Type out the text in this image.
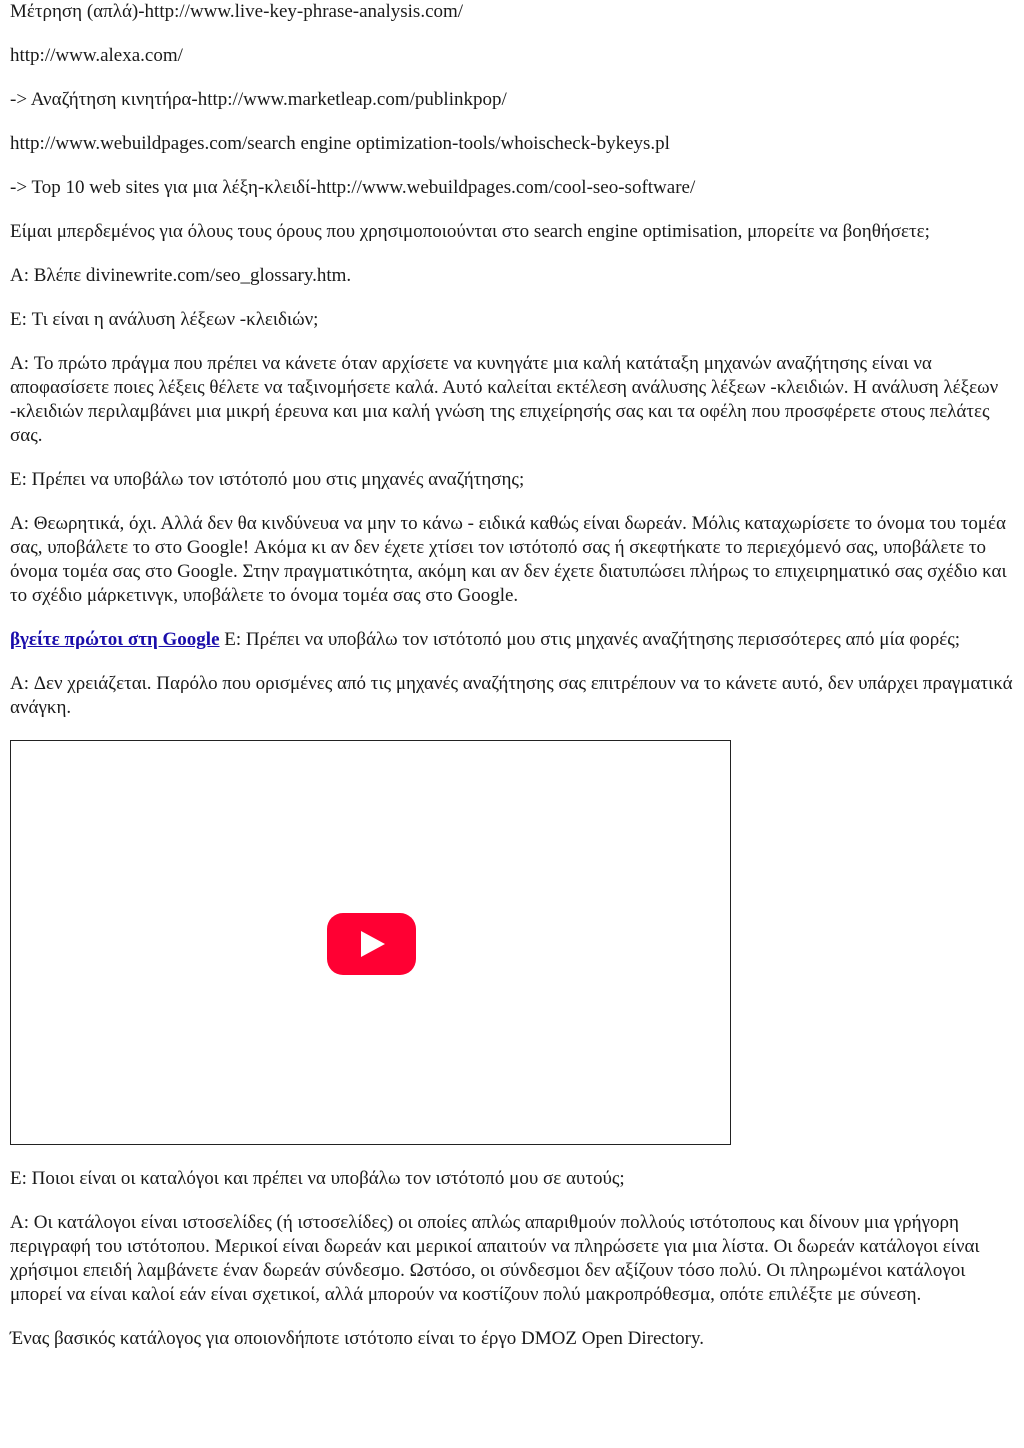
Μέτρηση (απλά)-http://www.live-key-phrase-analysis.com/

http://www.alexa.com/

-> Αναζήτηση κινητήρα-http://www.marketleap.com/publinkpop/

http://www.webuildpages.com/search engine optimization-tools/whoischeck-bykeys.pl

-> Top 10 web sites για μια λέξη-κλειδί-http://www.webuildpages.com/cool-seo-software/

Είμαι μπερδεμένος για όλους τους όρους που χρησιμοποιούνται στο search engine optimisation, μπορείτε να βοηθήσετε;

A: Βλέπε divinewrite.com/seo_glossary.htm.

E: Τι είναι η ανάλυση λέξεων -κλειδιών;

A: Το πρώτο πράγμα που πρέπει να κάνετε όταν αρχίσετε να κυνηγάτε μια καλή κατάταξη μηχανών αναζήτησης είναι να αποφασίσετε ποιες λέξεις θέλετε να ταξινομήσετε καλά. Αυτό καλείται εκτέλεση ανάλυσης λέξεων -κλειδιών. Η ανάλυση λέξεων -κλειδιών περιλαμβάνει μια μικρή έρευνα και μια καλή γνώση της επιχείρησής σας και τα οφέλη που προσφέρετε στους πελάτες σας.

E: Πρέπει να υποβάλω τον ιστότοπό μου στις μηχανές αναζήτησης;

A: Θεωρητικά, όχι. Αλλά δεν θα κινδύνευα να μην το κάνω - ειδικά καθώς είναι δωρεάν. Μόλις καταχωρίσετε το όνομα του τομέα σας, υποβάλετε το στο Google! Ακόμα κι αν δεν έχετε χτίσει τον ιστότοπό σας ή σκεφτήκατε το περιεχόμενό σας, υποβάλετε το όνομα τομέα σας στο Google. Στην πραγματικότητα, ακόμη και αν δεν έχετε διατυπώσει πλήρως το επιχειρηματικό σας σχέδιο και το σχέδιο μάρκετινγκ, υποβάλετε το όνομα τομέα σας στο Google.

βγείτε πρώτοι στη Google E: Πρέπει να υποβάλω τον ιστότοπό μου στις μηχανές αναζήτησης περισσότερες από μία φορές;

A: Δεν χρειάζεται. Παρόλο που ορισμένες από τις μηχανές αναζήτησης σας επιτρέπουν να το κάνετε αυτό, δεν υπάρχει πραγματικά ανάγκη.

E: Ποιοι είναι οι καταλόγοι και πρέπει να υποβάλω τον ιστότοπό μου σε αυτούς;

A: Οι κατάλογοι είναι ιστοσελίδες (ή ιστοσελίδες) οι οποίες απλώς απαριθμούν πολλούς ιστότοπους και δίνουν μια γρήγορη περιγραφή του ιστότοπου. Μερικοί είναι δωρεάν και μερικοί απαιτούν να πληρώσετε για μια λίστα. Οι δωρεάν κατάλογοι είναι χρήσιμοι επειδή λαμβάνετε έναν δωρεάν σύνδεσμο. Ωστόσο, οι σύνδεσμοι δεν αξίζουν τόσο πολύ. Οι πληρωμένοι κατάλογοι μπορεί να είναι καλοί εάν είναι σχετικοί, αλλά μπορούν να κοστίζουν πολύ μακροπρόθεσμα, οπότε επιλέξτε με σύνεση.

Ένας βασικός κατάλογος για οποιονδήποτε ιστότοπο είναι το έργο DMOZ Open Directory.
